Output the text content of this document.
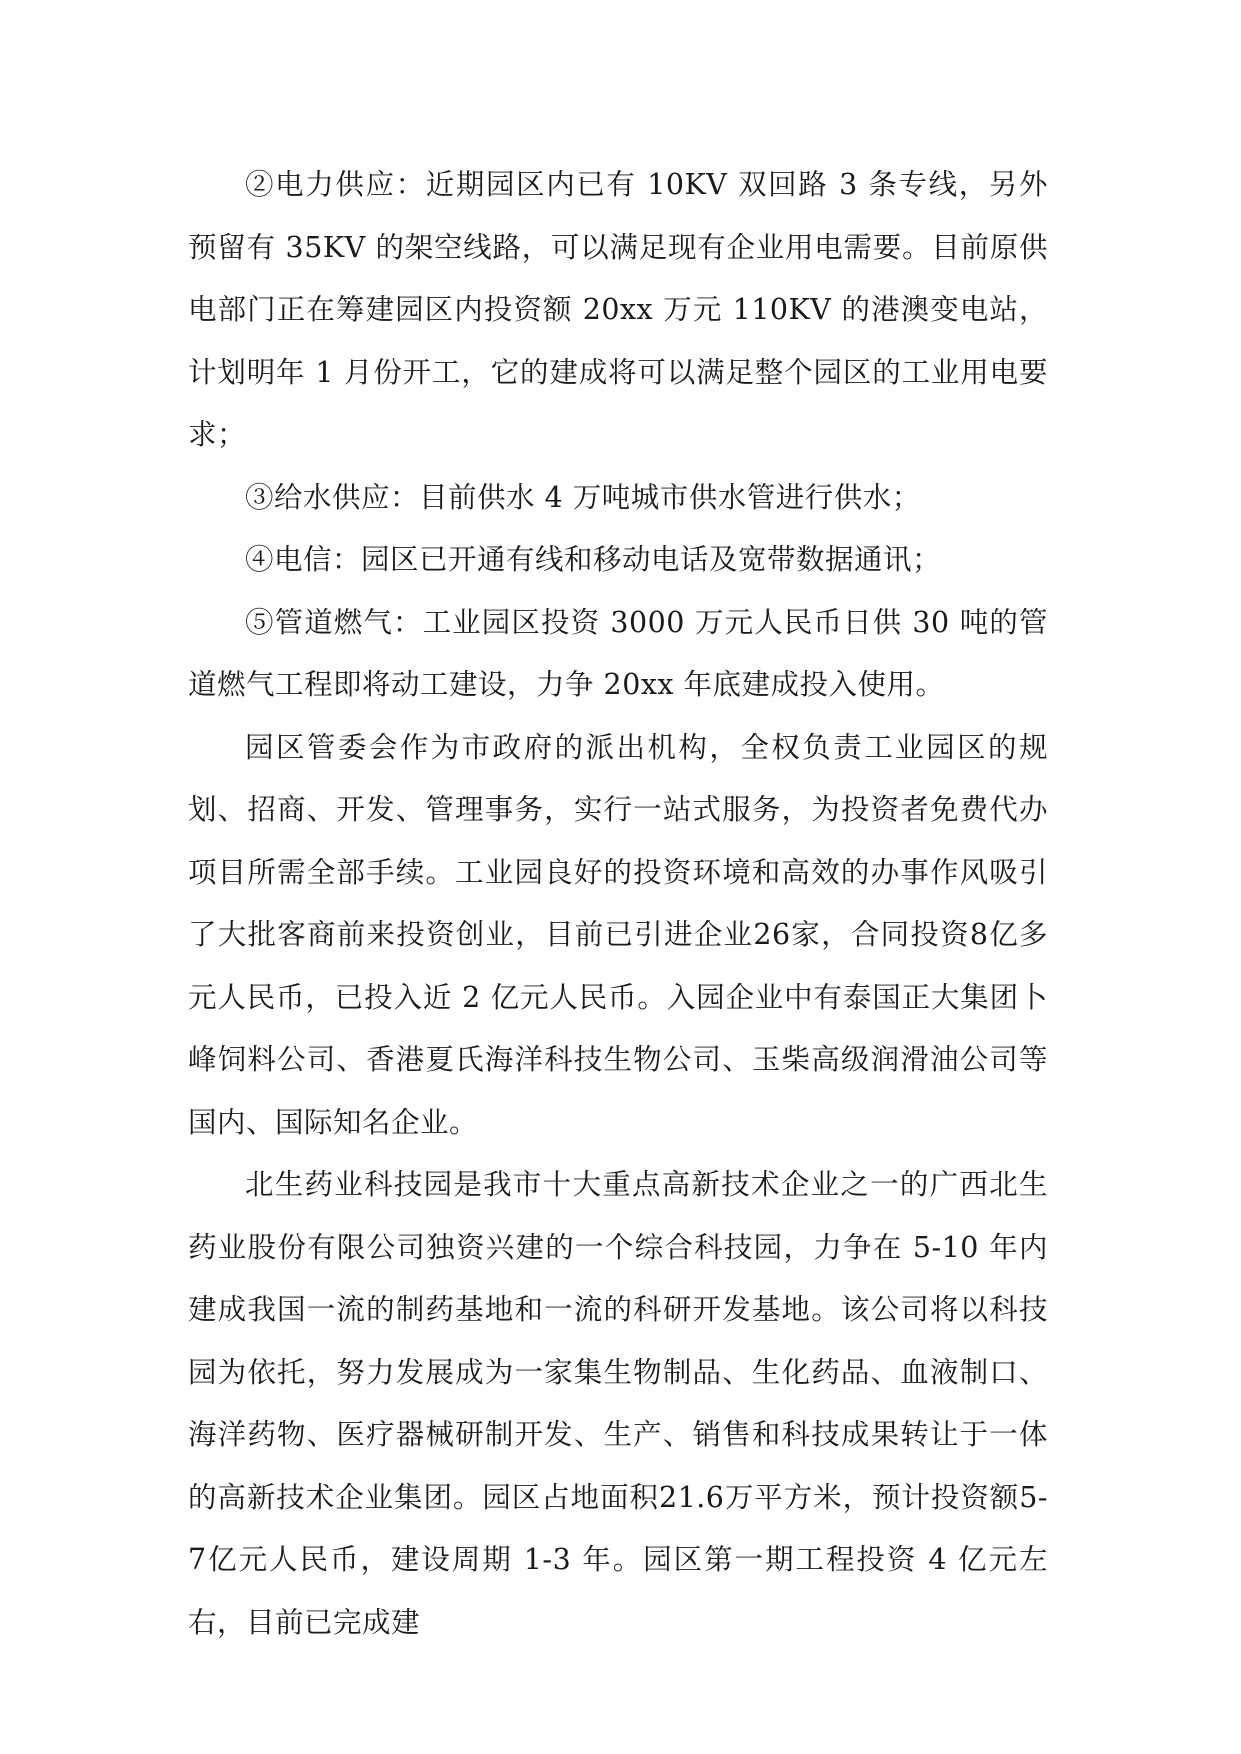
②电力供应：近期园区内已有 10KV 双回路 3 条专线，另外预留有 35KV 的架空线路，可以满足现有企业用电需要。目前原供电部门正在筹建园区内投资额 20xx 万元 110KV 的港澳变电站，计划明年 1 月份开工，它的建成将可以满足整个园区的工业用电要求；

③给水供应：目前供水 4 万吨城市供水管进行供水；

④电信：园区已开通有线和移动电话及宽带数据通讯；

⑤管道燃气：工业园区投资 3000 万元人民币日供 30 吨的管道燃气工程即将动工建设，力争 20xx 年底建成投入使用。

园区管委会作为市政府的派出机构，全权负责工业园区的规划、招商、开发、管理事务，实行一站式服务，为投资者免费代办项目所需全部手续。工业园良好的投资环境和高效的办事作风吸引了大批客商前来投资创业，目前已引进企业26家，合同投资8亿多元人民币，已投入近 2 亿元人民币。入园企业中有泰国正大集团卜峰饲料公司、香港夏氏海洋科技生物公司、玉柴高级润滑油公司等国内、国际知名企业。

北生药业科技园是我市十大重点高新技术企业之一的广西北生药业股份有限公司独资兴建的一个综合科技园，力争在 5-10 年内建成我国一流的制药基地和一流的科研开发基地。该公司将以科技园为依托，努力发展成为一家集生物制品、生化药品、血液制口、海洋药物、医疗器械研制开发、生产、销售和科技成果转让于一体的高新技术企业集团。园区占地面积21.6万平方米，预计投资额5-7亿元人民币，建设周期 1-3 年。园区第一期工程投资 4 亿元左右，目前已完成建
